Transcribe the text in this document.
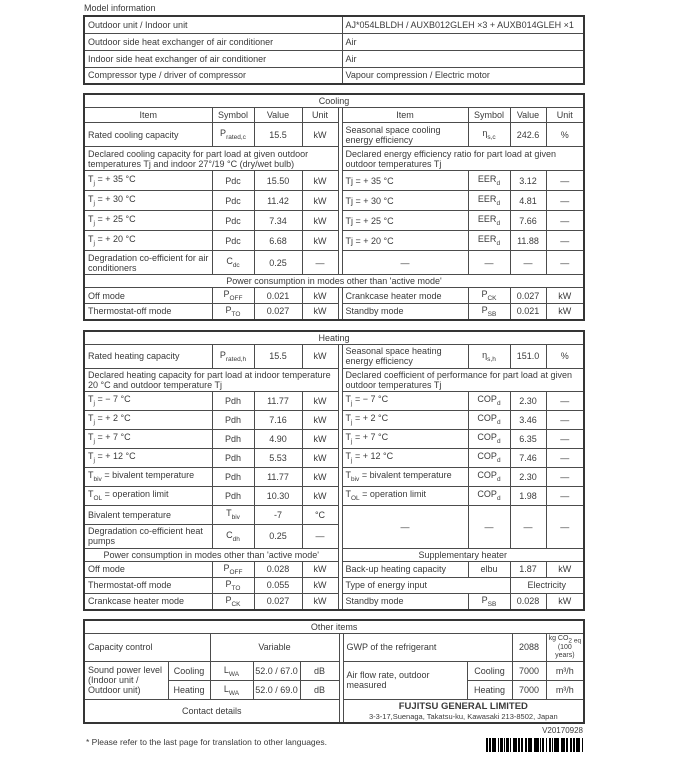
Model information
Outdoor unit / Indoor unit	AJ*054LBLDH / AUXB012GLEH ×3 + AUXB014GLEH ×1
Outdoor side heat exchanger of air conditioner	Air
Indoor side heat exchanger of air conditioner	Air
Compressor type / driver of compressor	Vapour compression / Electric motor
Cooling								
Item	Symbol	Value	Unit		Item	Symbol	Value	Unit
Rated cooling capacity	$P_{rated,c}$	15.5	kW		Seasonal space cooling energy efficiency	$\eta_{s,c}$	242.6	%
Declared cooling capacity for part load at given outdoor temperatures Tj and indoor 27°/19 °C (dry/wet bulb)					Declared energy efficiency ratio for part load at given outdoor temperatures Tj			
$T_j$ = + 35 °C	Pdc	15.50	kW		Tj = + 35 °C	$EER_d$	3.12	—
$T_j$ = + 30 °C	Pdc	11.42	kW		Tj = + 30 °C	$EER_d$	4.81	—
$T_j$ = + 25 °C	Pdc	7.34	kW		Tj = + 25 °C	$EER_d$	7.66	—
$T_j$ = + 20 °C	Pdc	6.68	kW		Tj = + 20 °C	$EER_d$	11.88	—
Degradation co-efficient for air conditioners	$C_{dc}$	0.25	—		—	—	—	—
Power consumption in modes other than 'active mode'								
Off mode	$P_{OFF}$	0.021	kW		Crankcase heater mode	$P_{CK}$	0.027	kW
Thermostat-off mode	$P_{TO}$	0.027	kW		Standby mode	$P_{SB}$	0.021	kW
Heating								
Rated heating capacity	$P_{rated,h}$	15.5	kW		Seasonal space heating energy efficiency	$\eta_{s,h}$	151.0	%
Declared heating capacity for part load at indoor temperature 20 °C and outdoor temperature Tj					Declared coefficient of performance for part load at given outdoor temperatures Tj			
$T_j$ = − 7 °C	Pdh	11.77	kW		$T_j$ = − 7 °C	$COP_d$	2.30	—
$T_j$ = + 2 °C	Pdh	7.16	kW		$T_j$ = + 2 °C	$COP_d$	3.46	—
$T_j$ = + 7 °C	Pdh	4.90	kW		$T_j$ = + 7 °C	$COP_d$	6.35	—
$T_j$ = + 12 °C	Pdh	5.53	kW		$T_j$ = + 12 °C	$COP_d$	7.46	—
$T_{biv}$ = bivalent temperature	Pdh	11.77	kW		$T_{biv}$ = bivalent temperature	$COP_d$	2.30	—
$T_{OL}$ = operation limit	Pdh	10.30	kW		$T_{OL}$ = operation limit	$COP_d$	1.98	—
Bivalent temperature	$T_{biv}$	-7	°C		—	—	—	—
Degradation co-efficient heat pumps	$C_{dh}$	0.25	—					
Power consumption in modes other than 'active mode'					Supplementary heater			
Off mode	$P_{OFF}$	0.028	kW		Back-up heating capacity	elbu	1.87	kW
Thermostat-off mode	$P_{TO}$	0.055	kW		Type of energy input		Electricity	
Crankcase heater mode	$P_{CK}$	0.027	kW		Standby mode	$P_{SB}$	0.028	kW
Other items									
Capacity control		Variable				GWP of the refrigerant		2088	kg $CO_{2 eq}$
(100 years)

Sound power level (Indoor unit / Outdoor unit)	Cooling	$L_{WA}$	52.0 / 67.0	dB		Air flow rate, outdoor measured	Cooling	7000	m³/h
	Heating	$L_{WA}$	52.0 / 69.0	dB			Heating	7000	m³/h
Contact details						FUJITSU GENERAL LIMITED
3-3-17,Suenaga, Takatsu-ku, Kawasaki 213-8502, Japan			
V20170928
* Please refer to the last page for translation to other languages.
